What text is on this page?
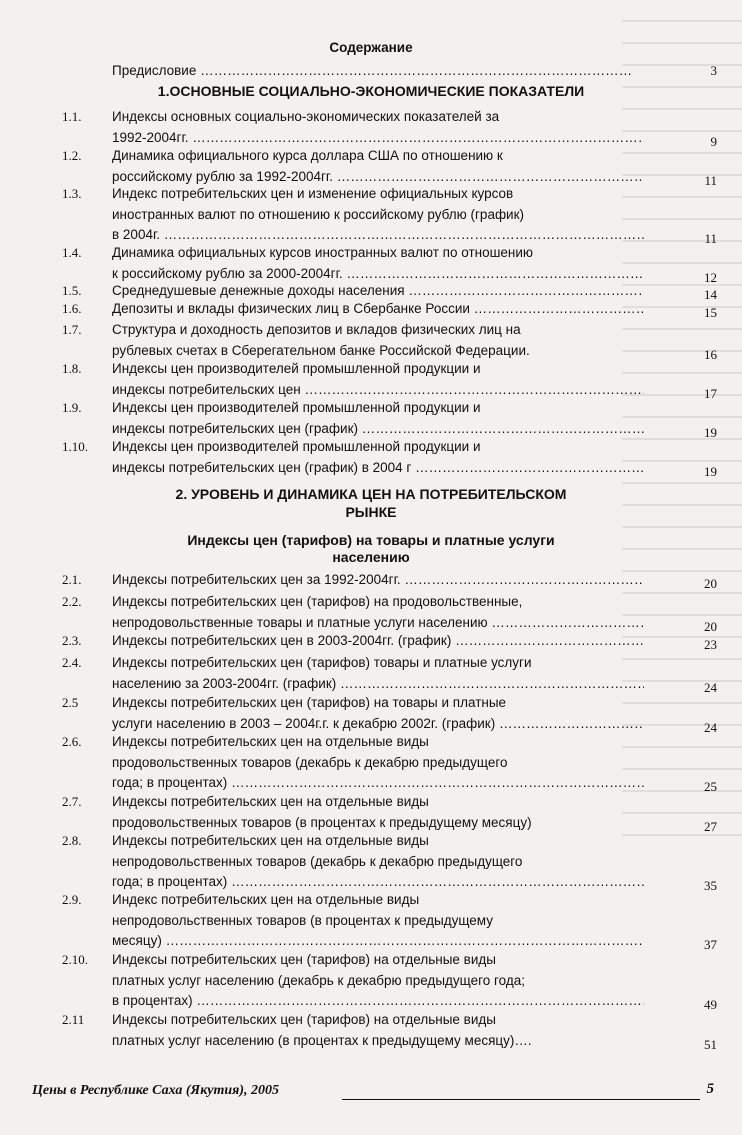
Содержание
Предисловие …………………………………………………………………………………………………………	3
1.ОСНОВНЫЕ СОЦИАЛЬНО-ЭКОНОМИЧЕСКИЕ ПОКАЗАТЕЛИ
1.1. Индексы основных социально-экономических показателей за
1992-2004гг. …………………………………………………………………………………………………………	9
1.2. Динамика официального курса доллара США по отношению к
российскому рублю за 1992-2004гг. …………………………………………………………………………………………………………	11
1.3. Индекс потребительских цен и изменение официальных курсов
иностранных валют по отношению к российскому рублю (график)
в 2004г. …………………………………………………………………………………………………………	11
1.4. Динамика официальных курсов иностранных валют по отношению
к российскому рублю за 2000-2004гг. …………………………………………………………………………………………………………	12
1.5. Среднедушевые денежные доходы населения …………………………………………………………………………………………………………	14
1.6. Депозиты и вклады физических лиц в Сбербанке России …………………………………………………………………………………………………………	15
1.7. Структура и доходность депозитов и вкладов физических лиц на
рублевых счетах в Сберегательном банке Российской Федерации.	16
1.8. Индексы цен производителей промышленной продукции и
индексы потребительских цен …………………………………………………………………………………………………………	17
1.9. Индексы цен производителей промышленной продукции и
индексы потребительских цен (график) …………………………………………………………………………………………………………	19
1.10. Индексы цен производителей промышленной продукции и
индексы потребительских цен (график) в 2004 г …………………………………………………………………………………………………………	19
2. УРОВЕНЬ И ДИНАМИКА ЦЕН НА ПОТРЕБИТЕЛЬСКОМ
РЫНКЕ
Индексы цен (тарифов) на товары и платные услуги
населению
2.1. Индексы потребительских цен за 1992-2004гг. …………………………………………………………………………………………………………	20
2.2. Индексы потребительских цен (тарифов) на продовольственные,
непродовольственные товары и платные услуги населению …………………………………………………………………………………………………………	20
2.3. Индексы потребительских цен в 2003-2004гг. (график) …………………………………………………………………………………………………………	23
2.4. Индексы потребительских цен (тарифов) товары и платные услуги
населению за 2003-2004гг. (график) …………………………………………………………………………………………………………	24
2.5	Индексы потребительских цен (тарифов) на товары и платные
услуги населению в 2003 – 2004г.г. к декабрю 2002г. (график) …………………………………………………………………………………………………………	24
2.6. Индексы потребительских цен на отдельные виды
продовольственных товаров (декабрь к декабрю предыдущего
года; в процентах) …………………………………………………………………………………………………………	25
2.7. Индексы потребительских цен на отдельные виды
продовольственных товаров (в процентах к предыдущему месяцу)	27
2.8. Индексы потребительских цен на отдельные виды
непродовольственных товаров (декабрь к декабрю предыдущего
года; в процентах) …………………………………………………………………………………………………………	35
2.9. Индекс потребительских цен на отдельные виды
непродовольственных товаров (в процентах к предыдущему
месяцу) …………………………………………………………………………………………………………	37
2.10. Индексы потребительских цен (тарифов) на отдельные виды
платных услуг населению (декабрь к декабрю предыдущего года;
в процентах) …………………………………………………………………………………………………………	49
2.11 Индексы потребительских цен (тарифов) на отдельные виды
платных услуг населению (в процентах к предыдущему месяцу)….	51
Цены в Республике Саха (Якутия), 2005	5
